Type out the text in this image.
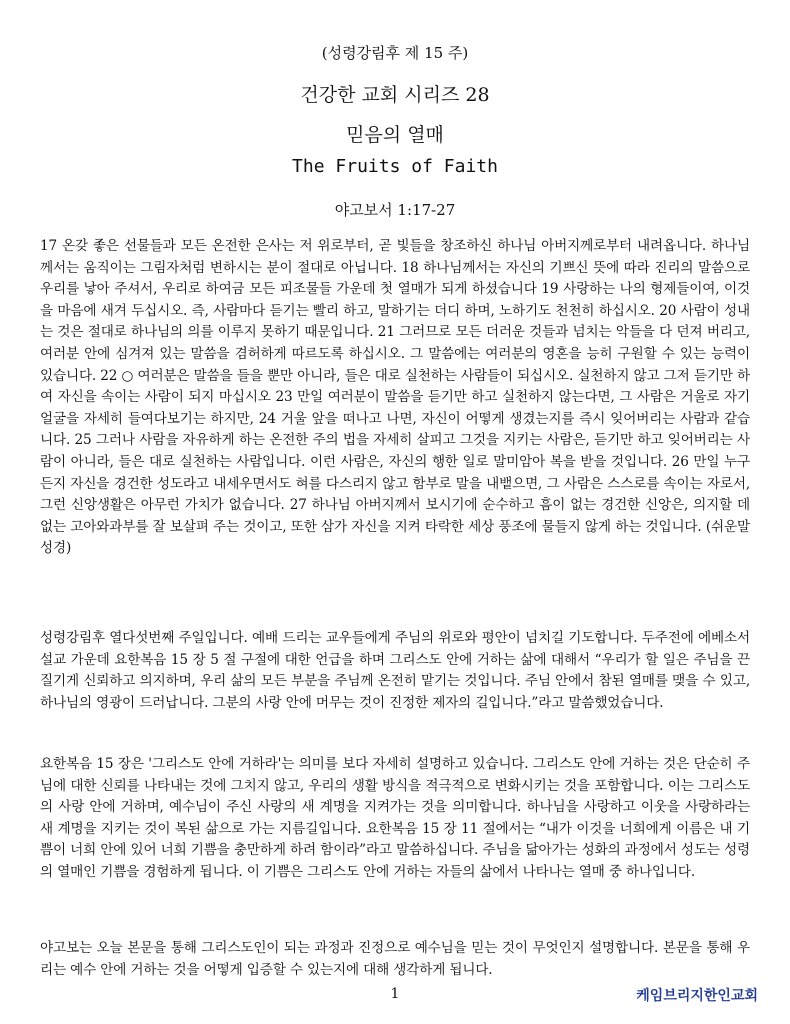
(성령강림후 제 15 주)
건강한 교회 시리즈 28
믿음의 열매
The Fruits of Faith
야고보서 1:17-27

17 온갖 좋은 선물들과 모든 온전한 은사는 저 위로부터, 곧 빛들을 창조하신 하나님 아버지께로부터 내려옵니다. 하나님께서는 움직이는 그림자처럼 변하시는 분이 절대로 아닙니다. 18 하나님께서는 자신의 기쁘신 뜻에 따라 진리의 말씀으로 우리를 낳아 주셔서, 우리로 하여금 모든 피조물들 가운데 첫 열매가 되게 하셨습니다 19 사랑하는 나의 형제들이여, 이것을 마음에 새겨 두십시오. 즉, 사람마다 듣기는 빨리 하고, 말하기는 더디 하며, 노하기도 천천히 하십시오. 20 사람이 성내는 것은 절대로 하나님의 의를 이루지 못하기 때문입니다. 21 그러므로 모든 더러운 것들과 넘치는 악들을 다 던져 버리고, 여러분 안에 심겨져 있는 말씀을 겸허하게 따르도록 하십시오. 그 말씀에는 여러분의 영혼을 능히 구원할 수 있는 능력이 있습니다. 22 ○ 여러분은 말씀을 들을 뿐만 아니라, 들은 대로 실천하는 사람들이 되십시오. 실천하지 않고 그저 듣기만 하여 자신을 속이는 사람이 되지 마십시오 23 만일 여러분이 말씀을 듣기만 하고 실천하지 않는다면, 그 사람은 거울로 자기 얼굴을 자세히 들여다보기는 하지만, 24 거울 앞을 떠나고 나면, 자신이 어떻게 생겼는지를 즉시 잊어버리는 사람과 같습니다. 25 그러나 사람을 자유하게 하는 온전한 주의 법을 자세히 살피고 그것을 지키는 사람은, 듣기만 하고 잊어버리는 사람이 아니라, 들은 대로 실천하는 사람입니다. 이런 사람은, 자신의 행한 일로 말미암아 복을 받을 것입니다. 26 만일 누구든지 자신을 경건한 성도라고 내세우면서도 혀를 다스리지 않고 함부로 말을 내뱉으면, 그 사람은 스스로를 속이는 자로서, 그런 신앙생활은 아무런 가치가 없습니다. 27 하나님 아버지께서 보시기에 순수하고 흠이 없는 경건한 신앙은, 의지할 데 없는 고아와과부를 잘 보살펴 주는 것이고, 또한 삼가 자신을 지켜 타락한 세상 풍조에 물들지 않게 하는 것입니다. (쉬운말 성경)

성령강림후 열다섯번째 주일입니다. 예배 드리는 교우들에게 주님의 위로와 평안이 넘치길 기도합니다. 두주전에 에베소서 설교 가운데 요한복음 15 장 5 절 구절에 대한 언급을 하며 그리스도 안에 거하는 삶에 대해서 “우리가 할 일은 주님을 끈질기게 신뢰하고 의지하며, 우리 삶의 모든 부분을 주님께 온전히 맡기는 것입니다. 주님 안에서 참된 열매를 맺을 수 있고, 하나님의 영광이 드러납니다. 그분의 사랑 안에 머무는 것이 진정한 제자의 길입니다.”라고 말씀했었습니다.

요한복음 15 장은 '그리스도 안에 거하라'는 의미를 보다 자세히 설명하고 있습니다. 그리스도 안에 거하는 것은 단순히 주님에 대한 신뢰를 나타내는 것에 그치지 않고, 우리의 생활 방식을 적극적으로 변화시키는 것을 포함합니다. 이는 그리스도의 사랑 안에 거하며, 예수님이 주신 사랑의 새 계명을 지켜가는 것을 의미합니다. 하나님을 사랑하고 이웃을 사랑하라는 새 계명을 지키는 것이 복된 삶으로 가는 지름길입니다. 요한복음 15 장 11 절에서는 “내가 이것을 너희에게 이름은 내 기쁨이 너희 안에 있어 너희 기쁨을 충만하게 하려 함이라”라고 말씀하십니다. 주님을 닮아가는 성화의 과정에서 성도는 성령의 열매인 기쁨을 경험하게 됩니다. 이 기쁨은 그리스도 안에 거하는 자들의 삶에서 나타나는 열매 중 하나입니다.

야고보는 오늘 본문을 통해 그리스도인이 되는 과정과 진정으로 예수님을 믿는 것이 무엇인지 설명합니다. 본문을 통해 우리는 예수 안에 거하는 것을 어떻게 입증할 수 있는지에 대해 생각하게 됩니다.

1	케임브리지한인교회
